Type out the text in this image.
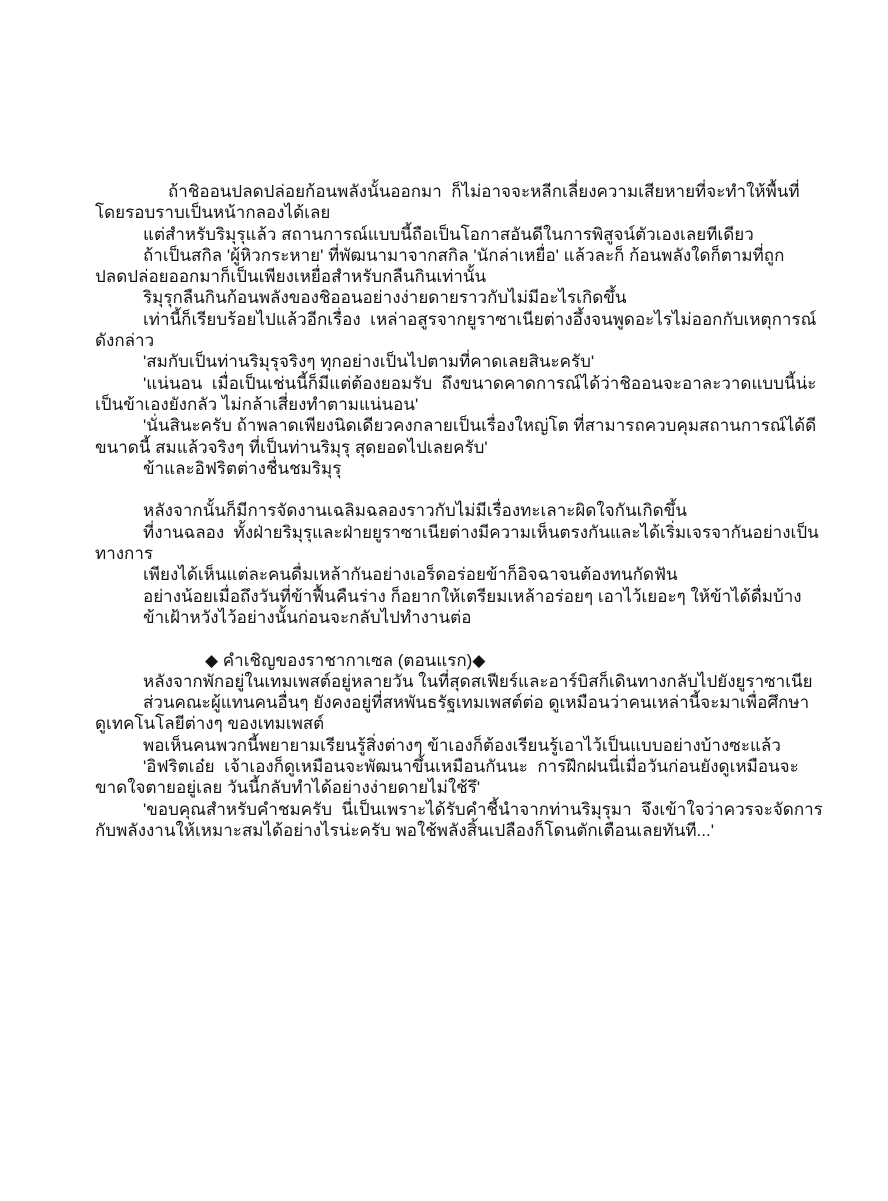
ถ้าชิออนปลดปล่อยก้อนพลังนั้นออกมา  ก็ไม่อาจจะหลีกเลี่ยงความเสียหายที่จะทำให้พื้นที่
โดยรอบราบเป็นหน้ากลองได้เลย
แต่สำหรับริมุรุแล้ว สถานการณ์แบบนี้ถือเป็นโอกาสอันดีในการพิสูจน์ตัวเองเลยทีเดียว
ถ้าเป็นสกิล 'ผู้หิวกระหาย' ที่พัฒนามาจากสกิล 'นักล่าเหยื่อ' แล้วละก็ ก้อนพลังใดก็ตามที่ถูก
ปลดปล่อยออกมาก็เป็นเพียงเหยื่อสำหรับกลืนกินเท่านั้น
ริมุรุกลืนกินก้อนพลังของชิออนอย่างง่ายดายราวกับไม่มีอะไรเกิดขึ้น
เท่านี้ก็เรียบร้อยไปแล้วอีกเรื่อง  เหล่าอสูรจากยูราซาเนียต่างอึ้งจนพูดอะไรไม่ออกกับเหตุการณ์
ดังกล่าว
'สมกับเป็นท่านริมุรุจริงๆ ทุกอย่างเป็นไปตามที่คาดเลยสินะครับ'
'แน่นอน  เมื่อเป็นเช่นนี้ก็มีแต่ต้องยอมรับ  ถึงขนาดคาดการณ์ได้ว่าชิออนจะอาละวาดแบบนี้น่ะ
เป็นข้าเองยังกลัว ไม่กล้าเสี่ยงทำตามแน่นอน'
'นั่นสินะครับ ถ้าพลาดเพียงนิดเดียวคงกลายเป็นเรื่องใหญ่โต ที่สามารถควบคุมสถานการณ์ได้ดี
ขนาดนี้ สมแล้วจริงๆ ที่เป็นท่านริมุรุ สุดยอดไปเลยครับ'
ข้าและอิฟริตต่างชื่นชมริมุรุ
หลังจากนั้นก็มีการจัดงานเฉลิมฉลองราวกับไม่มีเรื่องทะเลาะผิดใจกันเกิดขึ้น
ที่งานฉลอง  ทั้งฝ่ายริมุรุและฝ่ายยูราซาเนียต่างมีความเห็นตรงกันและได้เริ่มเจรจากันอย่างเป็น
ทางการ
เพียงได้เห็นแต่ละคนดื่มเหล้ากันอย่างเอร็ดอร่อยข้าก็อิจฉาจนต้องทนกัดฟัน
อย่างน้อยเมื่อถึงวันที่ข้าฟื้นคืนร่าง ก็อยากให้เตรียมเหล้าอร่อยๆ เอาไว้เยอะๆ ให้ข้าได้ดื่มบ้าง
ข้าเฝ้าหวังไว้อย่างนั้นก่อนจะกลับไปทำงานต่อ
◆ คำเชิญของราชากาเซล (ตอนแรก)◆
หลังจากพักอยู่ในเทมเพสต์อยู่หลายวัน ในที่สุดสเฟียร์และอาร์บิสก็เดินทางกลับไปยังยูราซาเนีย
ส่วนคณะผู้แทนคนอื่นๆ ยังคงอยู่ที่สหพันธรัฐเทมเพสต์ต่อ ดูเหมือนว่าคนเหล่านี้จะมาเพื่อศึกษา
ดูเทคโนโลยีต่างๆ ของเทมเพสต์
พอเห็นคนพวกนี้พยายามเรียนรู้สิ่งต่างๆ ข้าเองก็ต้องเรียนรู้เอาไว้เป็นแบบอย่างบ้างซะแล้ว
'อิฟริตเอ๋ย  เจ้าเองก็ดูเหมือนจะพัฒนาขึ้นเหมือนกันนะ  การฝึกฝนนี่เมื่อวันก่อนยังดูเหมือนจะ
ขาดใจตายอยู่เลย วันนี้กลับทำได้อย่างง่ายดายไม่ใช้รึ'
'ขอบคุณสำหรับคำชมครับ  นี่เป็นเพราะได้รับคำชี้นำจากท่านริมุรุมา  จึงเข้าใจว่าควรจะจัดการ
กับพลังงานให้เหมาะสมได้อย่างไรน่ะครับ พอใช้พลังสิ้นเปลืองก็โดนตักเตือนเลยทันที...'
